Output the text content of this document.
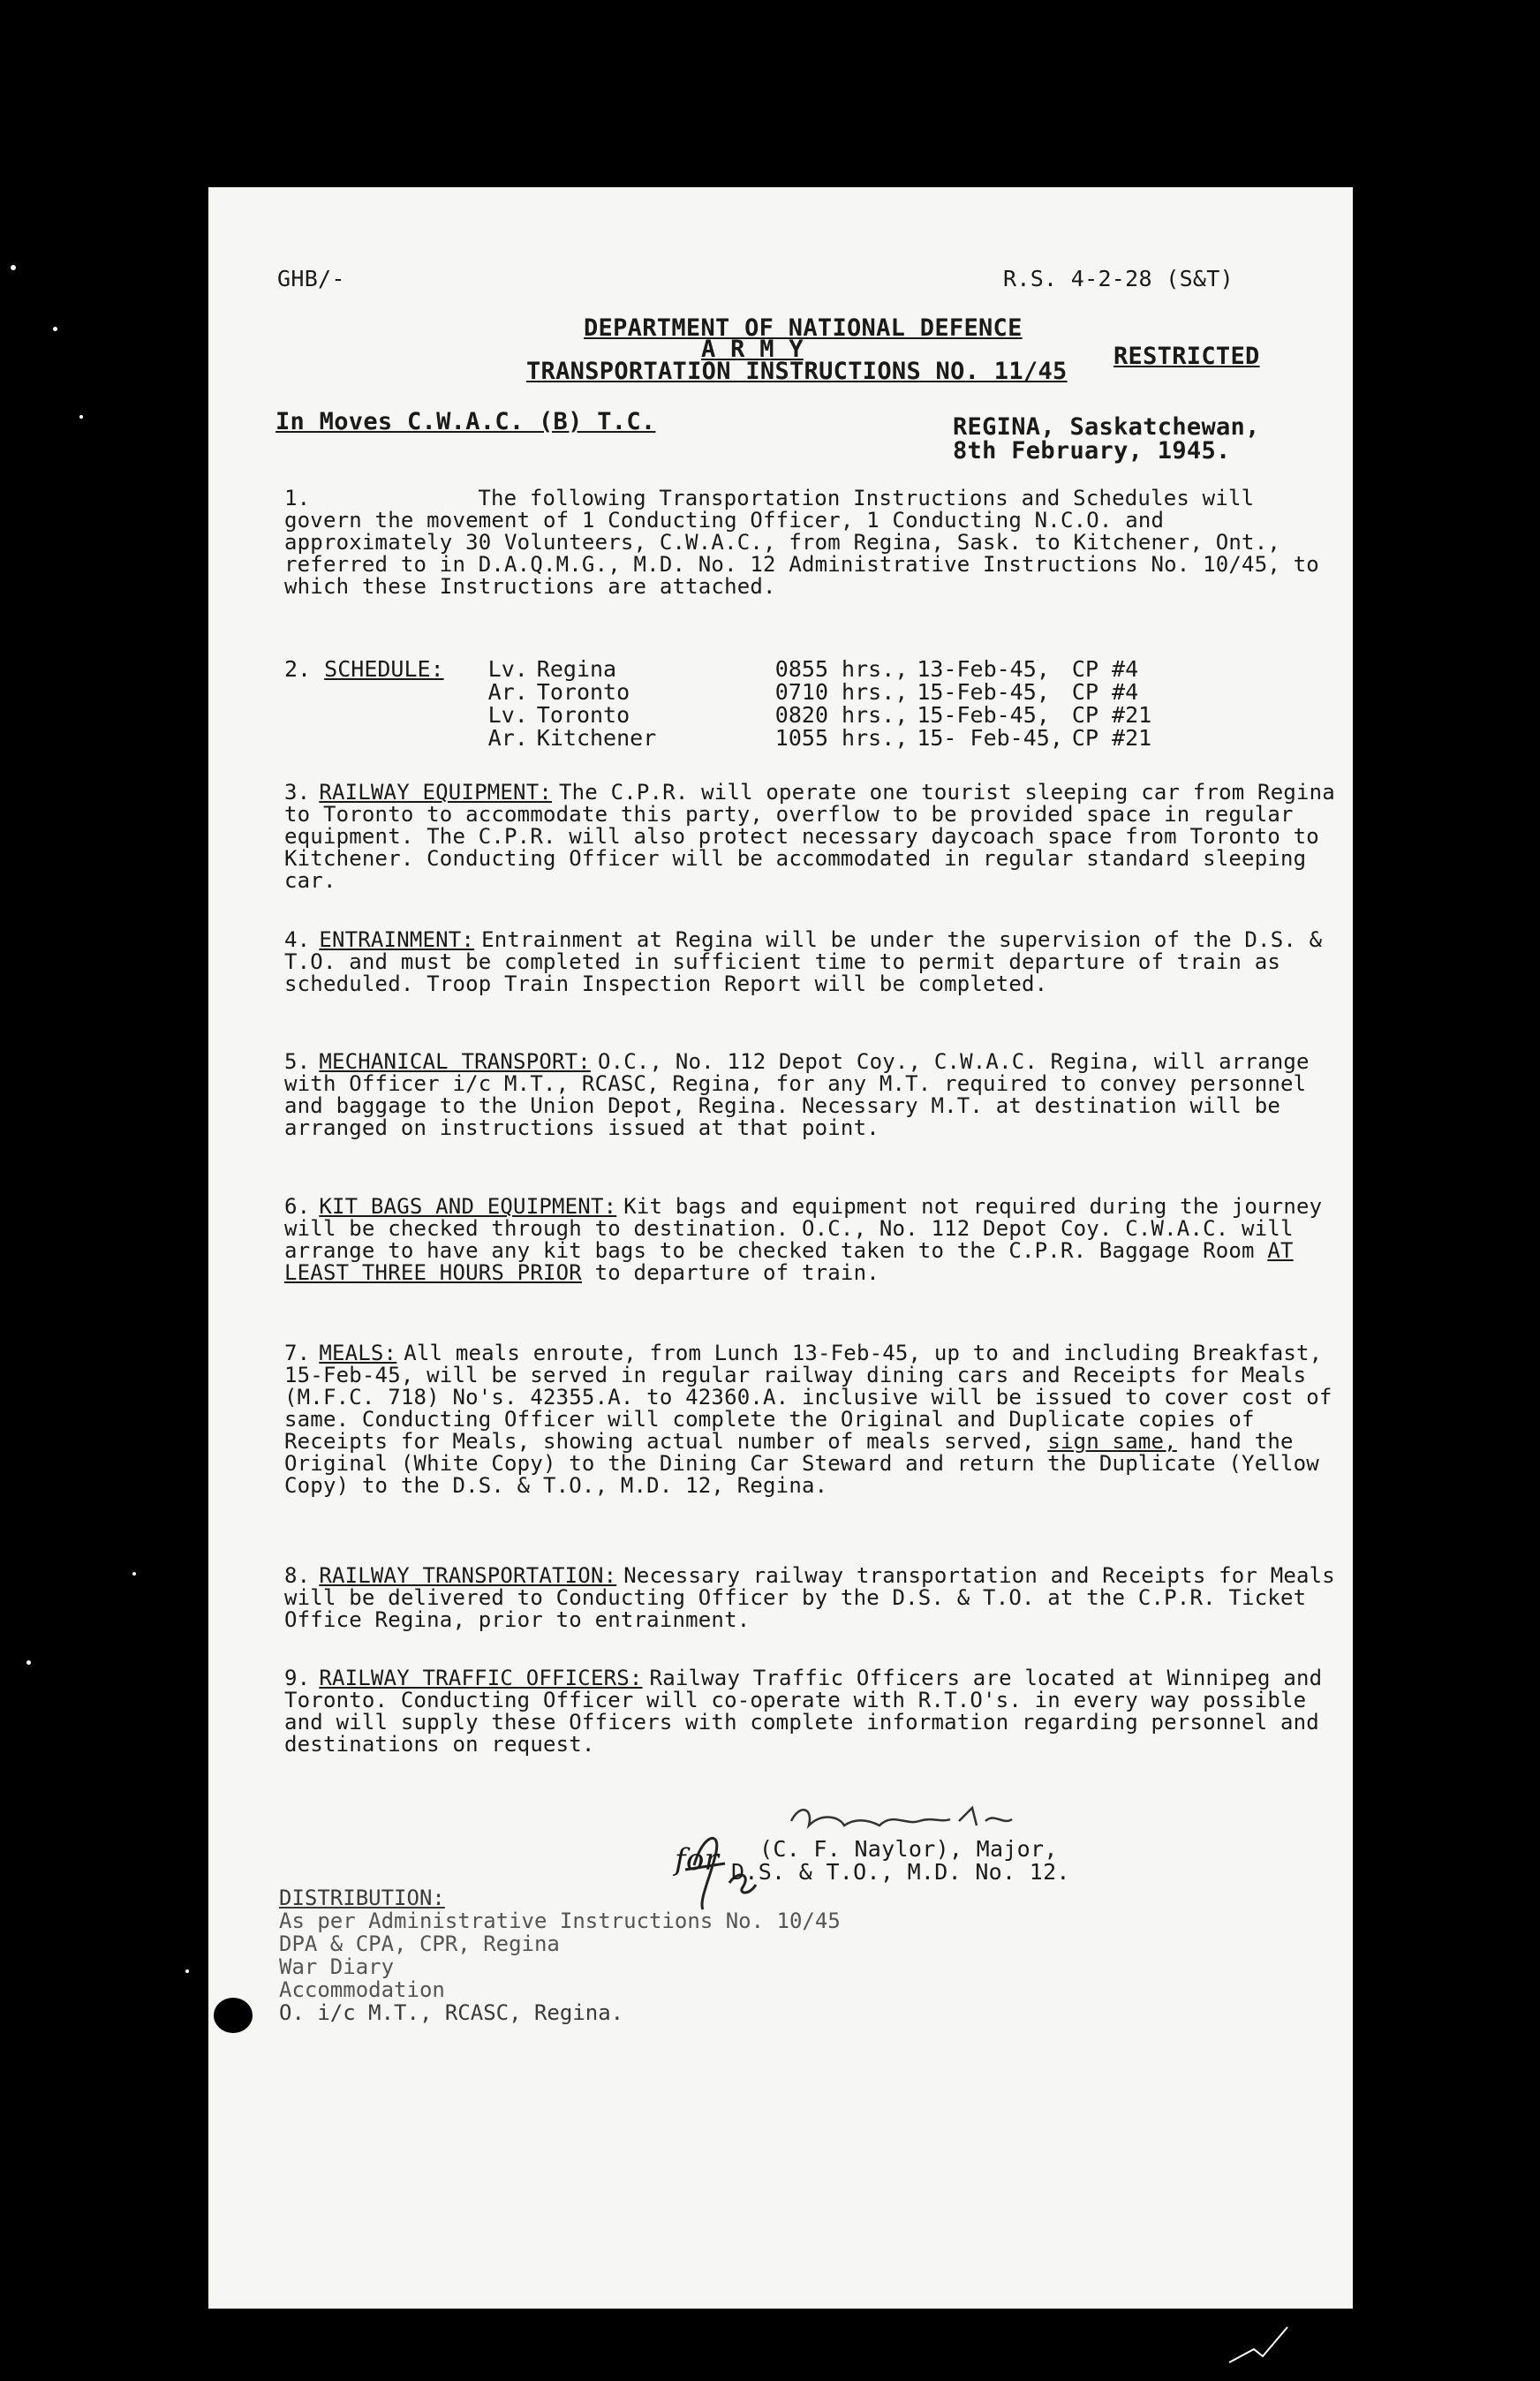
GHB/-	R.S. 4-2-28 (S&T)
DEPARTMENT OF NATIONAL DEFENCE
A R M Y
TRANSPORTATION INSTRUCTIONS NO. 11/45
RESTRICTED
In Moves C.W.A.C. (B) T.C.	REGINA, Saskatchewan,
8th February, 1945.
1.	The following Transportation Instructions and Schedules will govern the movement of 1 Conducting Officer, 1 Conducting N.C.O. and approximately 30 Volunteers, C.W.A.C., from Regina, Sask. to Kitchener, Ont., referred to in D.A.Q.M.G., M.D. No. 12 Administrative Instructions No. 10/45, to which these Instructions are attached.
2. SCHEDULE:	Lv.	Regina	0855 hrs.,	13-Feb-45,	CP #4
	Ar.	Toronto	0710 hrs.,	15-Feb-45,	CP #4
	Lv.	Toronto	0820 hrs.,	15-Feb-45,	CP #21
	Ar.	Kitchener	1055 hrs.,	15- Feb-45,	CP #21
3. RAILWAY EQUIPMENT: The C.P.R. will operate one tourist sleeping car from Regina to Toronto to accommodate this party, overflow to be provided space in regular equipment. The C.P.R. will also protect necessary daycoach space from Toronto to Kitchener. Conducting Officer will be accommodated in regular standard sleeping car.
4. ENTRAINMENT: Entrainment at Regina will be under the supervision of the D.S. & T.O. and must be completed in sufficient time to permit departure of train as scheduled. Troop Train Inspection Report will be completed.
5. MECHANICAL TRANSPORT: O.C., No. 112 Depot Coy., C.W.A.C. Regina, will arrange with Officer i/c M.T., RCASC, Regina, for any M.T. required to convey personnel and baggage to the Union Depot, Regina. Necessary M.T. at destination will be arranged on instructions issued at that point.
6. KIT BAGS AND EQUIPMENT: Kit bags and equipment not required during the journey will be checked through to destination. O.C., No. 112 Depot Coy. C.W.A.C. will arrange to have any kit bags to be checked taken to the C.P.R. Baggage Room AT LEAST THREE HOURS PRIOR to departure of train.
7. MEALS: All meals enroute, from Lunch 13-Feb-45, up to and including Breakfast, 15-Feb-45, will be served in regular railway dining cars and Receipts for Meals (M.F.C. 718) No's. 42355.A. to 42360.A. inclusive will be issued to cover cost of same. Conducting Officer will complete the Original and Duplicate copies of Receipts for Meals, showing actual number of meals served, sign same, hand the Original (White Copy) to the Dining Car Steward and return the Duplicate (Yellow Copy) to the D.S. & T.O., M.D. 12, Regina.
8. RAILWAY TRANSPORTATION: Necessary railway transportation and Receipts for Meals will be delivered to Conducting Officer by the D.S. & T.O. at the C.P.R. Ticket Office Regina, prior to entrainment.
9. RAILWAY TRAFFIC OFFICERS: Railway Traffic Officers are located at Winnipeg and Toronto. Conducting Officer will co-operate with R.T.O's. in every way possible and will supply these Officers with complete information regarding personnel and destinations on request.
for (C. F. Naylor), Major,
D.S. & T.O., M.D. No. 12.
DISTRIBUTION:
As per Administrative Instructions No. 10/45
DPA & CPA, CPR, Regina
War Diary
Accommodation
O. i/c M.T., RCASC, Regina.
